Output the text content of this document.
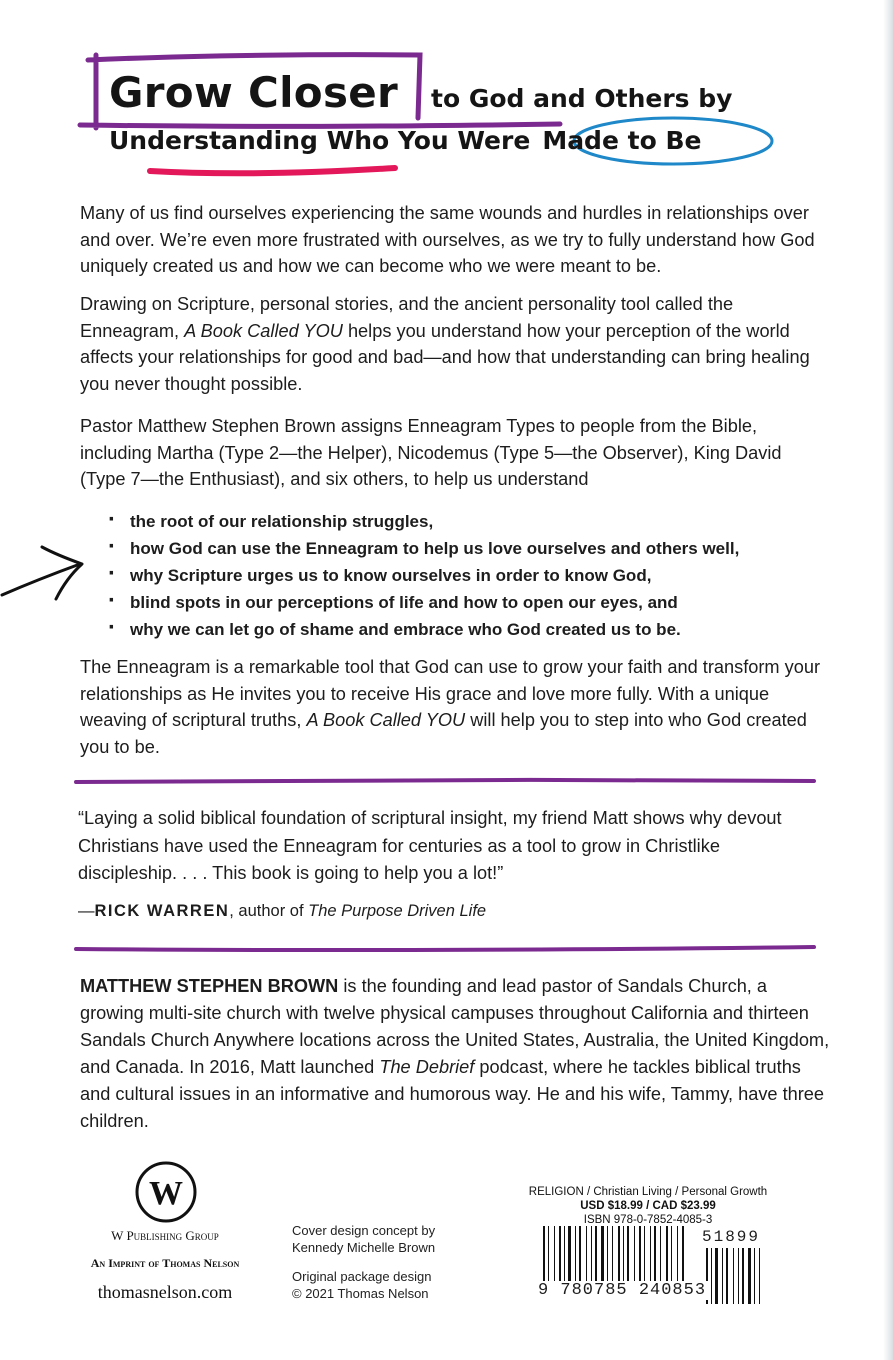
Grow Closer to God and Others by
Understanding Who You Were Made to Be
Many of us find ourselves experiencing the same wounds and hurdles in relationships over and over. We’re even more frustrated with ourselves, as we try to fully understand how God uniquely created us and how we can become who we were meant to be.
Drawing on Scripture, personal stories, and the ancient personality tool called the Enneagram, A Book Called YOU helps you understand how your perception of the world affects your relationships for good and bad—and how that understanding can bring healing you never thought possible.
Pastor Matthew Stephen Brown assigns Enneagram Types to people from the Bible, including Martha (Type 2—the Helper), Nicodemus (Type 5—the Observer), King David (Type 7—the Enthusiast), and six others, to help us understand
· the root of our relationship struggles,
· how God can use the Enneagram to help us love ourselves and others well,
· why Scripture urges us to know ourselves in order to know God,
· blind spots in our perceptions of life and how to open our eyes, and
· why we can let go of shame and embrace who God created us to be.
The Enneagram is a remarkable tool that God can use to grow your faith and transform your relationships as He invites you to receive His grace and love more fully. With a unique weaving of scriptural truths, A Book Called YOU will help you to step into who God created you to be.
“Laying a solid biblical foundation of scriptural insight, my friend Matt shows why devout Christians have used the Enneagram for centuries as a tool to grow in Christlike discipleship. . . . This book is going to help you a lot!”
—RICK WARREN, author of The Purpose Driven Life
MATTHEW STEPHEN BROWN is the founding and lead pastor of Sandals Church, a growing multi-site church with twelve physical campuses throughout California and thirteen Sandals Church Anywhere locations across the United States, Australia, the United Kingdom, and Canada. In 2016, Matt launched The Debrief podcast, where he tackles biblical truths and cultural issues in an informative and humorous way. He and his wife, Tammy, have three children.
W
W Publishing Group
An Imprint of Thomas Nelson
thomasnelson.com
Cover design concept by
Kennedy Michelle Brown
Original package design
© 2021 Thomas Nelson
RELIGION / Christian Living / Personal Growth
USD $18.99 / CAD $23.99
ISBN 978-0-7852-4085-3
51899
9 780785 240853
